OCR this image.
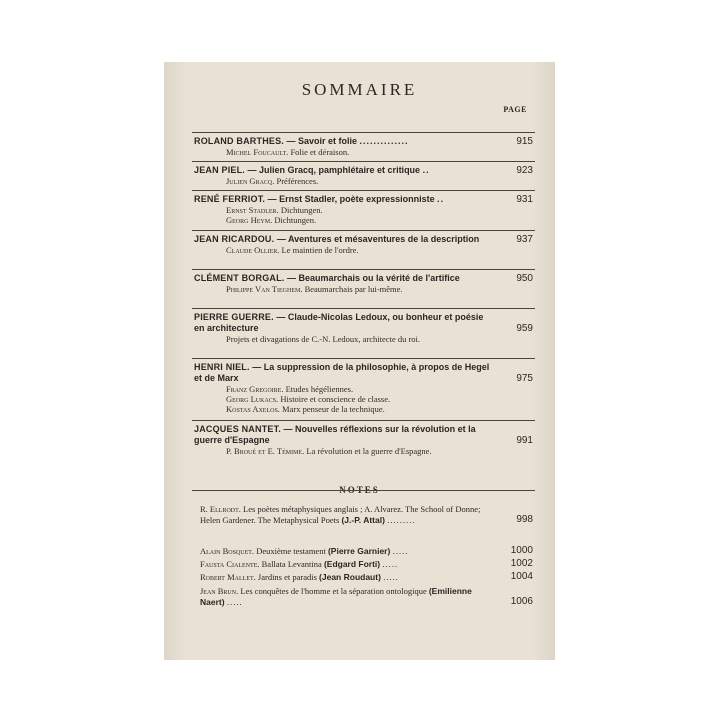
SOMMAIRE
PAGE
ROLAND BARTHES. — Savoir et folie ..............	915
Michel Foucault. Folie et déraison.
JEAN PIEL. — Julien Gracq, pamphlétaire et critique ..	923
Julien Gracq. Préférences.
RENÉ FERRIOT. — Ernst Stadler, poète expressionniste ..	931
Ernst Stadler. Dichtungen.
Georg Heym. Dichtungen.
JEAN RICARDOU. — Aventures et mésaventures de la description	937
Claude Ollier. Le maintien de l'ordre.
CLÉMENT BORGAL. — Beaumarchais ou la vérité de l'artifice	950
Philippe Van Tieghem. Beaumarchais par lui-même.
PIERRE GUERRE. — Claude-Nicolas Ledoux, ou bonheur et poésie en architecture	959
Projets et divagations de C.-N. Ledoux, architecte du roi.
HENRI NIEL. — La suppression de la philosophie, à propos de Hegel et de Marx	975
Franz Gregoire. Etudes hégéliennes.
Georg Lukacs. Histoire et conscience de classe.
Kostas Axelos. Marx penseur de la technique.
JACQUES NANTET. — Nouvelles réflexions sur la révolution et la guerre d'Espagne	991
P. Broué et E. Témime. La révolution et la guerre d'Espagne.
NOTES
R. Ellrodt. Les poètes métaphysiques anglais ; A. Alvarez. The School of Donne; Helen Gardener. The Metaphysical Poets (J.-P. Attal) .........	998
Alain Bosquet. Deuxième testament (Pierre Garnier) .....	1000
Fausta Cialente. Ballata Levantina (Edgard Forti) .....	1002
Robert Mallet. Jardins et paradis (Jean Roudaut) .....	1004
Jean Brun. Les conquêtes de l'homme et la séparation ontologique (Emilienne Naert) .....	1006
